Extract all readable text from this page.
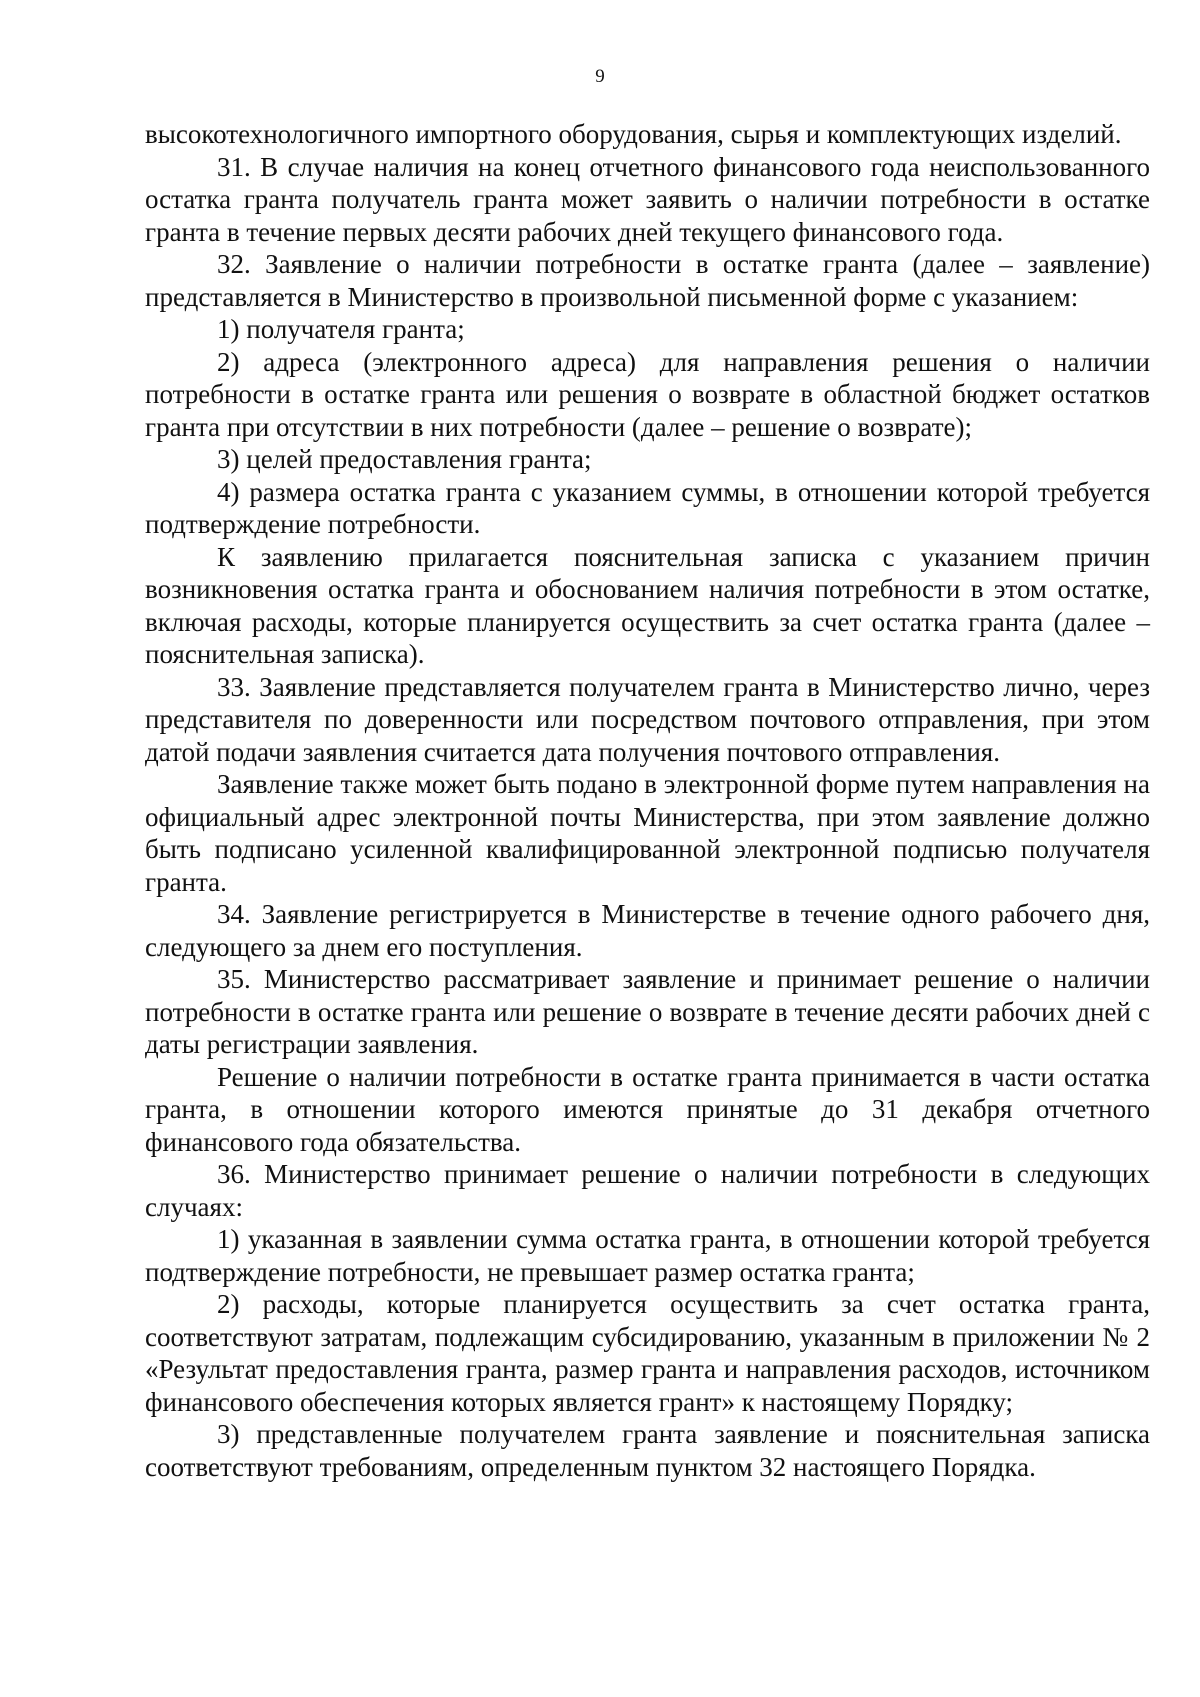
9

высокотехнологичного импортного оборудования, сырья и комплектующих изделий.

31. В случае наличия на конец отчетного финансового года неиспользованного остатка гранта получатель гранта может заявить о наличии потребности в остатке гранта в течение первых десяти рабочих дней текущего финансового года.

32. Заявление о наличии потребности в остатке гранта (далее – заявление) представляется в Министерство в произвольной письменной форме с указанием:

1) получателя гранта;

2) адреса (электронного адреса) для направления решения о наличии потребности в остатке гранта или решения о возврате в областной бюджет остатков гранта при отсутствии в них потребности (далее – решение о возврате);

3) целей предоставления гранта;

4) размера остатка гранта с указанием суммы, в отношении которой требуется подтверждение потребности.

К заявлению прилагается пояснительная записка с указанием причин возникновения остатка гранта и обоснованием наличия потребности в этом остатке, включая расходы, которые планируется осуществить за счет остатка гранта (далее – пояснительная записка).

33. Заявление представляется получателем гранта в Министерство лично, через представителя по доверенности или посредством почтового отправления, при этом датой подачи заявления считается дата получения почтового отправления.

Заявление также может быть подано в электронной форме путем направления на официальный адрес электронной почты Министерства, при этом заявление должно быть подписано усиленной квалифицированной электронной подписью получателя гранта.

34. Заявление регистрируется в Министерстве в течение одного рабочего дня, следующего за днем его поступления.

35. Министерство рассматривает заявление и принимает решение о наличии потребности в остатке гранта или решение о возврате в течение десяти рабочих дней с даты регистрации заявления.

Решение о наличии потребности в остатке гранта принимается в части остатка гранта, в отношении которого имеются принятые до 31 декабря отчетного финансового года обязательства.

36. Министерство принимает решение о наличии потребности в следующих случаях:

1) указанная в заявлении сумма остатка гранта, в отношении которой требуется подтверждение потребности, не превышает размер остатка гранта;

2) расходы, которые планируется осуществить за счет остатка гранта, соответствуют затратам, подлежащим субсидированию, указанным в приложении № 2 «Результат предоставления гранта, размер гранта и направления расходов, источником финансового обеспечения которых является грант» к настоящему Порядку;

3) представленные получателем гранта заявление и пояснительная записка соответствуют требованиям, определенным пунктом 32 настоящего Порядка.
